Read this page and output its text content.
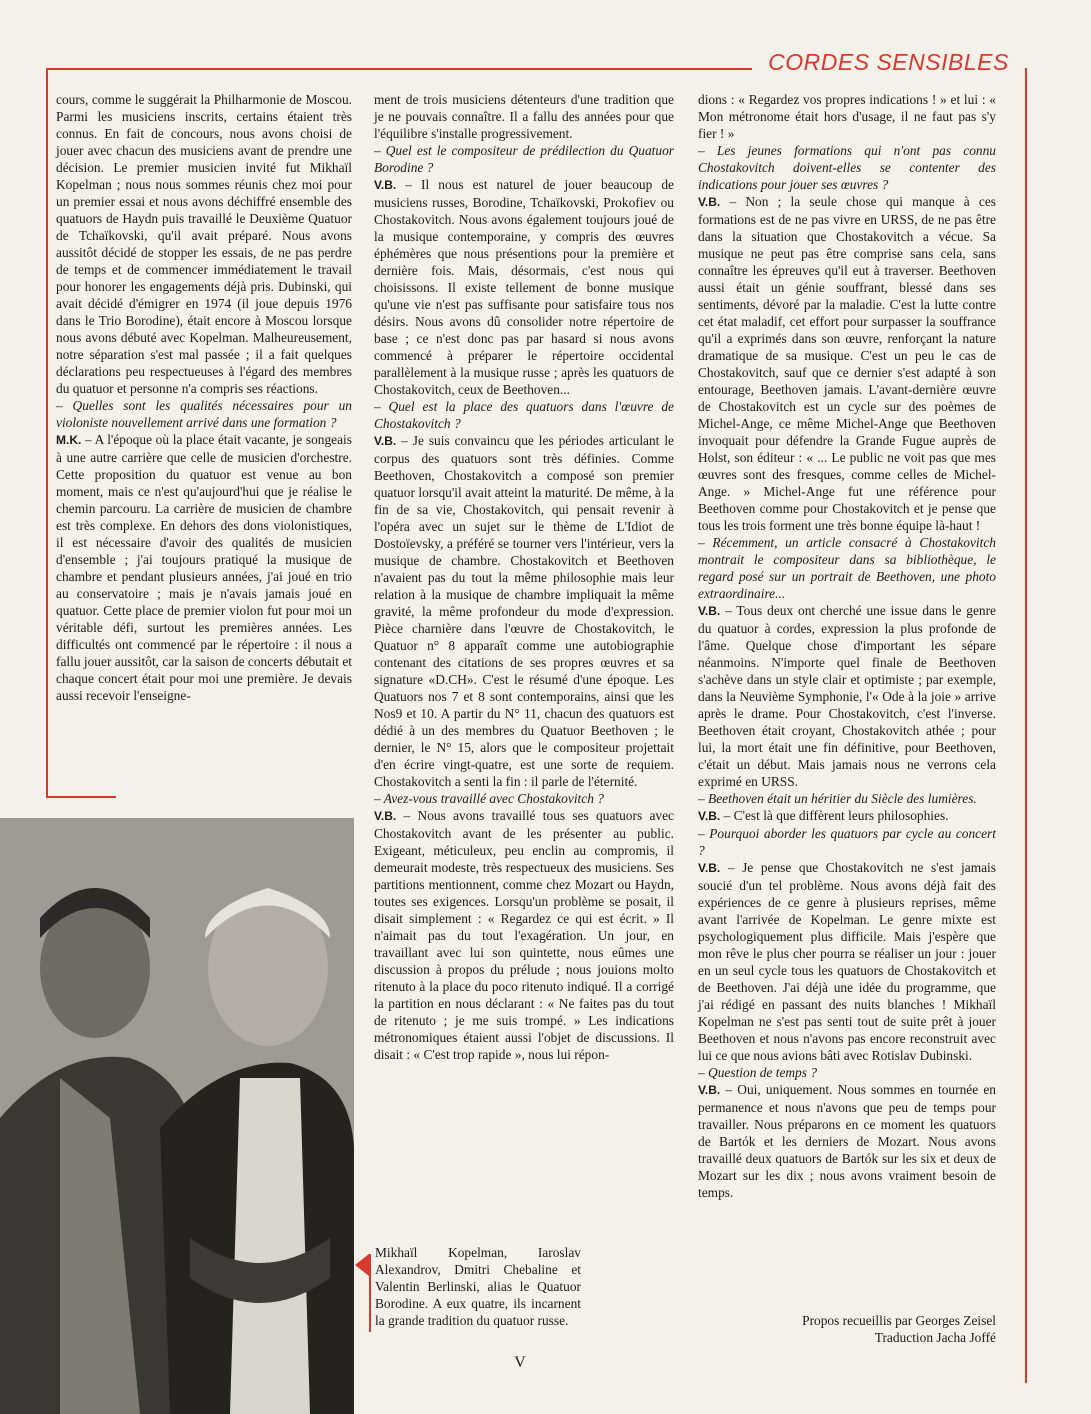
CORDES SENSIBLES

cours, comme le suggérait la Philharmonie de Moscou. Parmi les musiciens inscrits, certains étaient très connus. En fait de concours, nous avons choisi de jouer avec chacun des musiciens avant de prendre une décision. Le premier musicien invité fut Mikhaïl Kopelman ; nous nous sommes réunis chez moi pour un premier essai et nous avons déchiffré ensemble des quatuors de Haydn puis travaillé le Deuxième Quatuor de Tchaïkovski, qu'il avait préparé. Nous avons aussitôt décidé de stopper les essais, de ne pas perdre de temps et de commencer immédiatement le travail pour honorer les engagements déjà pris. Dubinski, qui avait décidé d'émigrer en 1974 (il joue depuis 1976 dans le Trio Borodine), était encore à Moscou lorsque nous avons débuté avec Kopelman. Malheureusement, notre séparation s'est mal passée ; il a fait quelques déclarations peu respectueuses à l'égard des membres du quatuor et personne n'a compris ses réactions.

– Quelles sont les qualités nécessaires pour un violoniste nouvellement arrivé dans une formation ?

M.K. – A l'époque où la place était vacante, je songeais à une autre carrière que celle de musicien d'orchestre. Cette proposition du quatuor est venue au bon moment, mais ce n'est qu'aujourd'hui que je réalise le chemin parcouru. La carrière de musicien de chambre est très complexe. En dehors des dons violonistiques, il est nécessaire d'avoir des qualités de musicien d'ensemble ; j'ai toujours pratiqué la musique de chambre et pendant plusieurs années, j'ai joué en trio au conservatoire ; mais je n'avais jamais joué en quatuor. Cette place de premier violon fut pour moi un véritable défi, surtout les premières années. Les difficultés ont commencé par le répertoire : il nous a fallu jouer aussitôt, car la saison de concerts débutait et chaque concert était pour moi une première. Je devais aussi recevoir l'enseigne-

ment de trois musiciens détenteurs d'une tradition que je ne pouvais connaître. Il a fallu des années pour que l'équilibre s'installe progressivement.

– Quel est le compositeur de prédilection du Quatuor Borodine ?

V.B. – Il nous est naturel de jouer beaucoup de musiciens russes, Borodine, Tchaïkovski, Prokofiev ou Chostakovitch. Nous avons également toujours joué de la musique contemporaine, y compris des œuvres éphémères que nous présentions pour la première et dernière fois. Mais, désormais, c'est nous qui choisissons. Il existe tellement de bonne musique qu'une vie n'est pas suffisante pour satisfaire tous nos désirs. Nous avons dû consolider notre répertoire de base ; ce n'est donc pas par hasard si nous avons commencé à préparer le répertoire occidental parallèlement à la musique russe ; après les quatuors de Chostakovitch, ceux de Beethoven...

– Quel est la place des quatuors dans l'œuvre de Chostakovitch ?

V.B. – Je suis convaincu que les périodes articulant le corpus des quatuors sont très définies. Comme Beethoven, Chostakovitch a composé son premier quatuor lorsqu'il avait atteint la maturité. De même, à la fin de sa vie, Chostakovitch, qui pensait revenir à l'opéra avec un sujet sur le thème de L'Idiot de Dostoïevsky, a préféré se tourner vers l'intérieur, vers la musique de chambre. Chostakovitch et Beethoven n'avaient pas du tout la même philosophie mais leur relation à la musique de chambre impliquait la même gravité, la même profondeur du mode d'expression. Pièce charnière dans l'œuvre de Chostakovitch, le Quatuor n° 8 apparaît comme une autobiographie contenant des citations de ses propres œuvres et sa signature «D.CH». C'est le résumé d'une époque. Les Quatuors nos 7 et 8 sont contemporains, ainsi que les Nos9 et 10. A partir du N° 11, chacun des quatuors est dédié à un des membres du Quatuor Beethoven ; le dernier, le N° 15, alors que le compositeur projettait d'en écrire vingt-quatre, est une sorte de requiem. Chostakovitch a senti la fin : il parle de l'éternité.

– Avez-vous travaillé avec Chostakovitch ?

V.B. – Nous avons travaillé tous ses quatuors avec Chostakovitch avant de les présenter au public. Exigeant, méticuleux, peu enclin au compromis, il demeurait modeste, très respectueux des musiciens. Ses partitions mentionnent, comme chez Mozart ou Haydn, toutes ses exigences. Lorsqu'un problème se posait, il disait simplement : « Regardez ce qui est écrit. » Il n'aimait pas du tout l'exagération. Un jour, en travaillant avec lui son quintette, nous eûmes une discussion à propos du prélude ; nous jouions molto ritenuto à la place du poco ritenuto indiqué. Il a corrigé la partition en nous déclarant : « Ne faites pas du tout de ritenuto ; je me suis trompé. » Les indications métronomiques étaient aussi l'objet de discussions. Il disait : « C'est trop rapide », nous lui répon-

dions : « Regardez vos propres indications ! » et lui : « Mon métronome était hors d'usage, il ne faut pas s'y fier ! »

– Les jeunes formations qui n'ont pas connu Chostakovitch doivent-elles se contenter des indications pour jouer ses œuvres ?

V.B. – Non ; la seule chose qui manque à ces formations est de ne pas vivre en URSS, de ne pas être dans la situation que Chostakovitch a vécue. Sa musique ne peut pas être comprise sans cela, sans connaître les épreuves qu'il eut à traverser. Beethoven aussi était un génie souffrant, blessé dans ses sentiments, dévoré par la maladie. C'est la lutte contre cet état maladif, cet effort pour surpasser la souffrance qu'il a exprimés dans son œuvre, renforçant la nature dramatique de sa musique. C'est un peu le cas de Chostakovitch, sauf que ce dernier s'est adapté à son entourage, Beethoven jamais. L'avant-dernière œuvre de Chostakovitch est un cycle sur des poèmes de Michel-Ange, ce même Michel-Ange que Beethoven invoquait pour défendre la Grande Fugue auprès de Holst, son éditeur : « ... Le public ne voit pas que mes œuvres sont des fresques, comme celles de Michel-Ange. » Michel-Ange fut une référence pour Beethoven comme pour Chostakovitch et je pense que tous les trois forment une très bonne équipe là-haut !

– Récemment, un article consacré à Chostakovitch montrait le compositeur dans sa bibliothèque, le regard posé sur un portrait de Beethoven, une photo extraordinaire...

V.B. – Tous deux ont cherché une issue dans le genre du quatuor à cordes, expression la plus profonde de l'âme. Quelque chose d'important les sépare néanmoins. N'importe quel finale de Beethoven s'achève dans un style clair et optimiste ; par exemple, dans la Neuvième Symphonie, l'« Ode à la joie » arrive après le drame. Pour Chostakovitch, c'est l'inverse. Beethoven était croyant, Chostakovitch athée ; pour lui, la mort était une fin définitive, pour Beethoven, c'était un début. Mais jamais nous ne verrons cela exprimé en URSS.

– Beethoven était un héritier du Siècle des lumières.

V.B. – C'est là que diffèrent leurs philosophies.

– Pourquoi aborder les quatuors par cycle au concert ?

V.B. – Je pense que Chostakovitch ne s'est jamais soucié d'un tel problème. Nous avons déjà fait des expériences de ce genre à plusieurs reprises, même avant l'arrivée de Kopelman. Le genre mixte est psychologiquement plus difficile. Mais j'espère que mon rêve le plus cher pourra se réaliser un jour : jouer en un seul cycle tous les quatuors de Chostakovitch et de Beethoven. J'ai déjà une idée du programme, que j'ai rédigé en passant des nuits blanches ! Mikhaïl Kopelman ne s'est pas senti tout de suite prêt à jouer Beethoven et nous n'avons pas encore reconstruit avec lui ce que nous avions bâti avec Rotislav Dubinski.

– Question de temps ?

V.B. – Oui, uniquement. Nous sommes en tournée en permanence et nous n'avons que peu de temps pour travailler. Nous préparons en ce moment les quatuors de Bartók et les derniers de Mozart. Nous avons travaillé deux quatuors de Bartók sur les six et deux de Mozart sur les dix ; nous avons vraiment besoin de temps.

Mikhaïl Kopelman, Iaroslav Alexandrov, Dmitri Chebaline et Valentin Berlinski, alias le Quatuor Borodine. A eux quatre, ils incarnent la grande tradition du quatuor russe.	Propos recueillis par Georges Zeisel
Traduction Jacha Joffé
V
